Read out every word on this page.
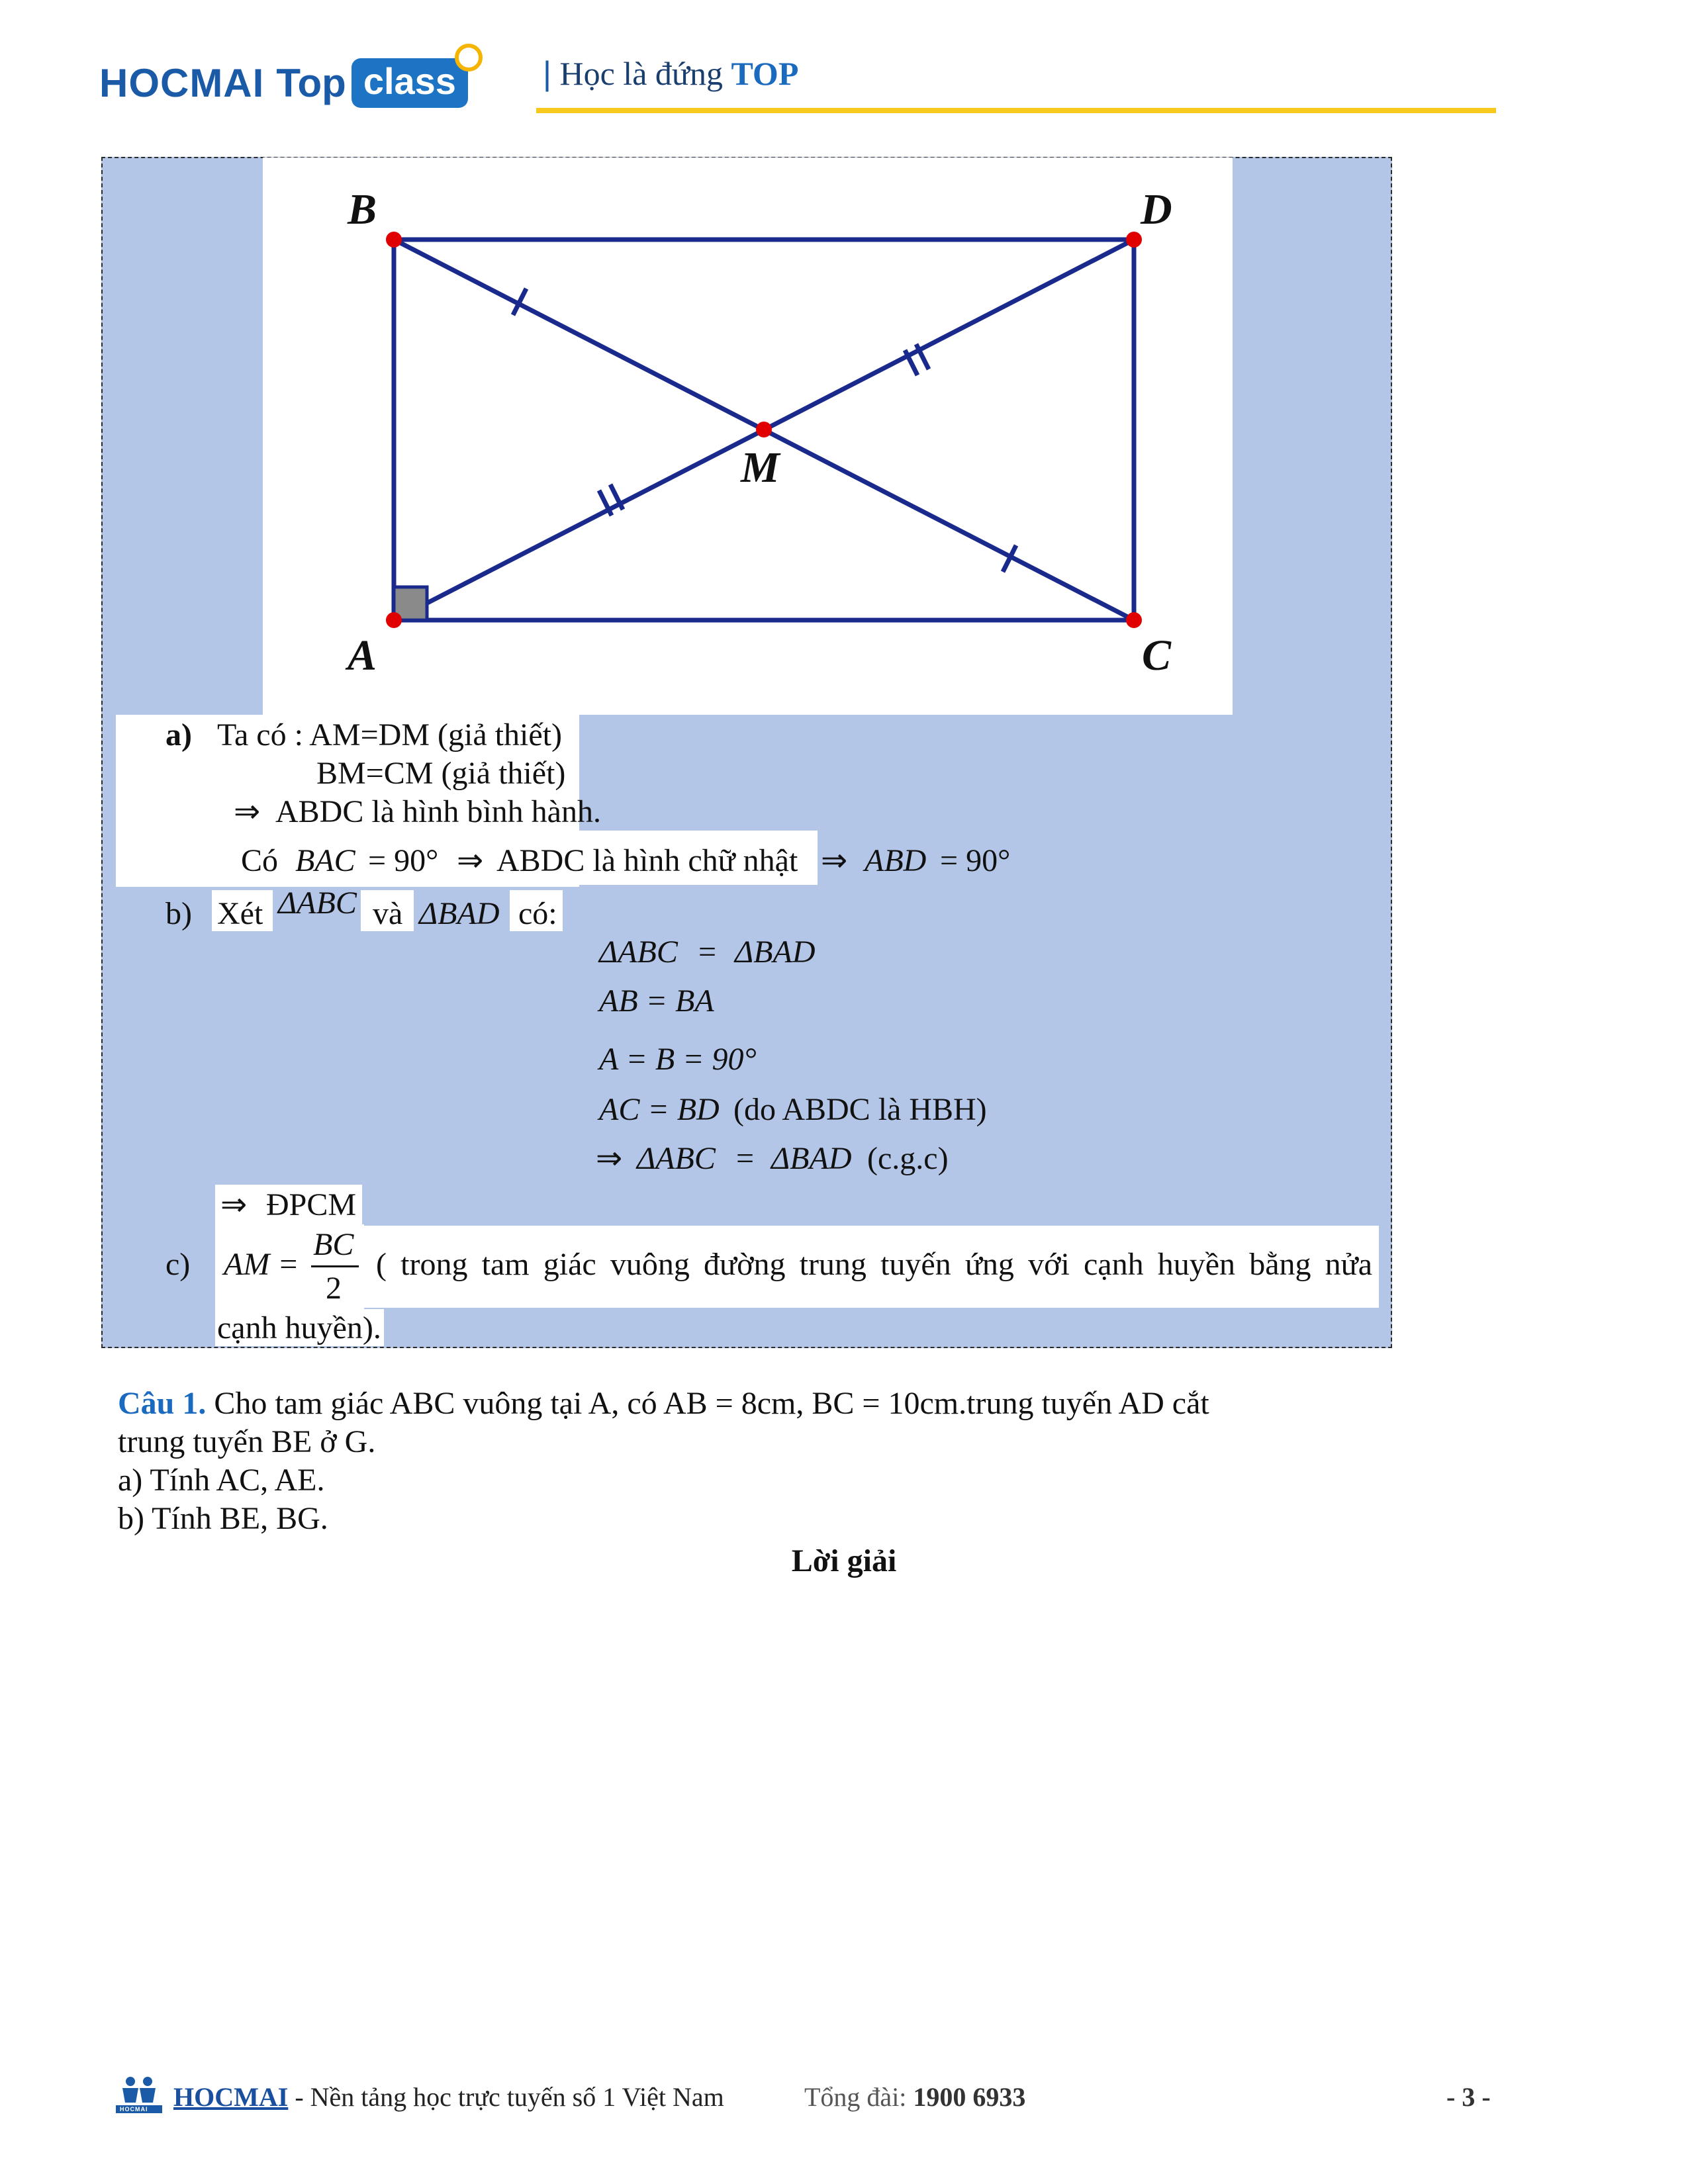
HOCMAI Top class	| Học là đứng TOP
B	D
M
A	C
a) Ta có : AM=DM (giả thiết)
BM=CM (giả thiết)
⇒ ABDC là hình bình hành.
Có BAC = 90° ⇒ ABDC là hình chữ nhật ⇒ ABD = 90°
b) Xét ΔABC và ΔBAD có:
ΔABC = ΔBAD
AB = BA
A = B = 90°
AC = BD (do ABDC là HBH)
⇒ ΔABC = ΔBAD (c.g.c)
⇒ ĐPCM
c) AM =
BC
2
( trong tam giác vuông đường trung tuyến ứng với cạnh huyền bằng nửa
cạnh huyền).
Câu 1. Cho tam giác ABC vuông tại A, có AB = 8cm, BC = 10cm.trung tuyến AD cắt
trung tuyến BE ở G.
a) Tính AC, AE.
b) Tính BE, BG.
Lời giải
HOCMAI HOCMAI - Nền tảng học trực tuyến số 1 Việt Nam	Tổng đài: 1900 6933	- 3 -
